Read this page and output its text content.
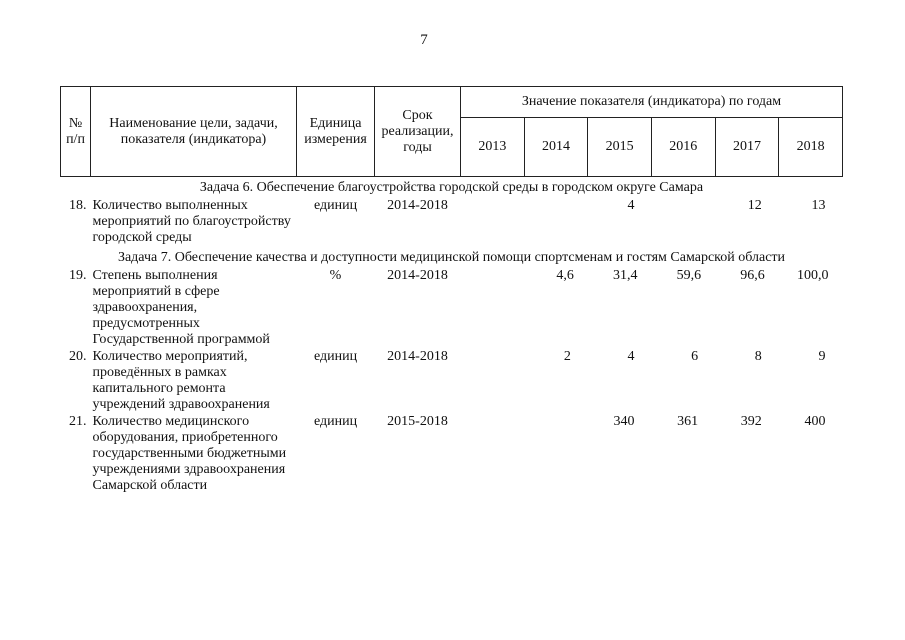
7
№ п/п	Наименование цели, задачи, показателя (индикатора)	Единица измерения	Срок реализации, годы	Значение показателя (индикатора) по годам					
				2013	2014	2015	2016	2017	2018
Задача 6. Обеспечение благоустройства городской среды в городском округе Самара									
18.	Количество выполненных мероприятий по благоустройству городской среды	единиц	2014-2018			4		12	13
Задача 7. Обеспечение качества и доступности медицинской помощи спортсменам и гостям Самарской области									
19.	Степень выполнения мероприятий в сфере здравоохранения, предусмотренных Государственной программой	%	2014-2018		4,6	31,4	59,6	96,6	100,0
20.	Количество мероприятий, проведённых в рамках капитального ремонта учреждений здравоохранения	единиц	2014-2018		2	4	6	8	9
21.	Количество медицинского оборудования, приобретенного государственными бюджетными учреждениями здравоохранения Самарской области	единиц	2015-2018			340	361	392	400
